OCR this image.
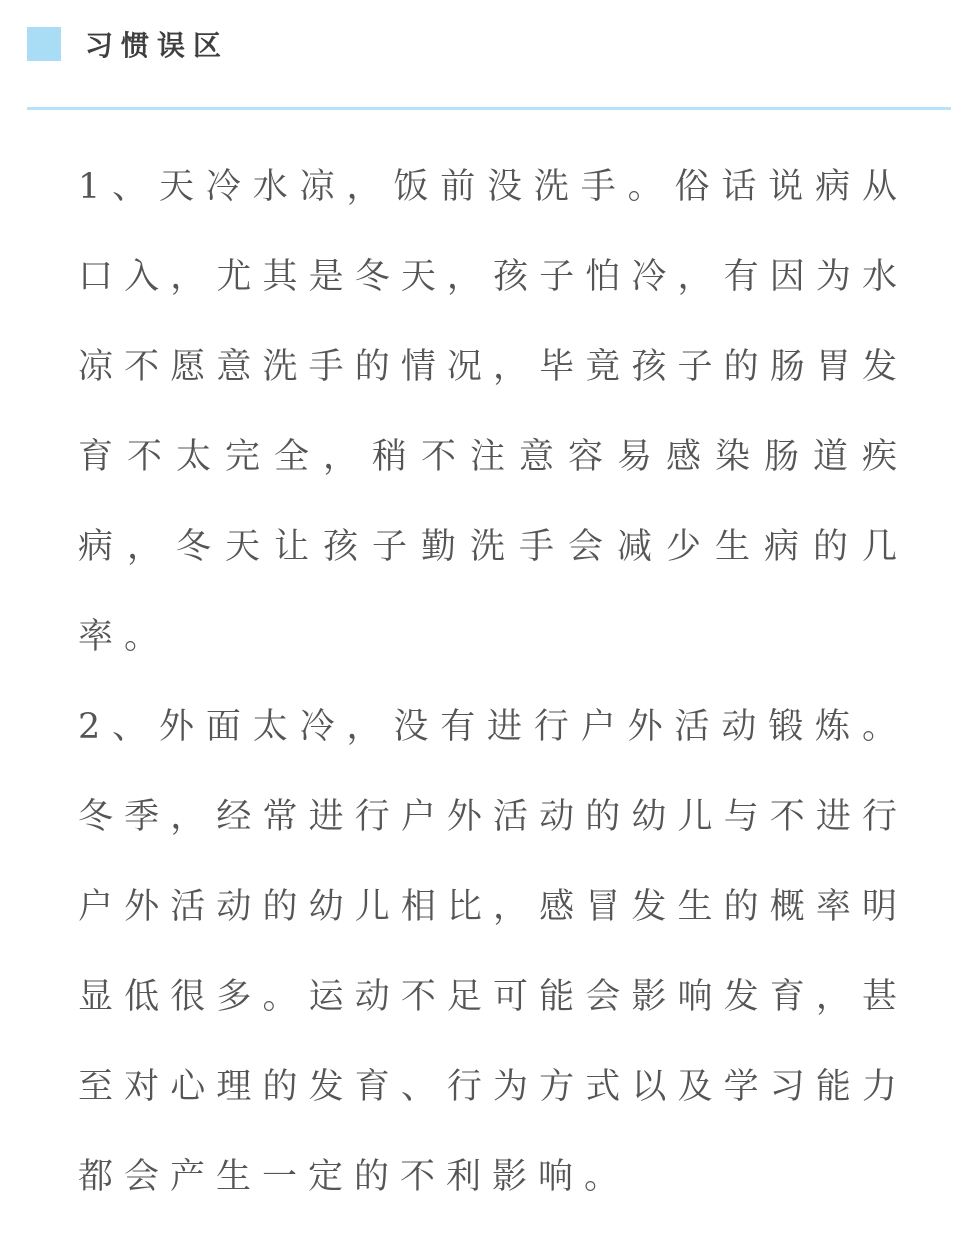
习惯误区

1、天冷水凉，饭前没洗手。俗话说病从口入，尤其是冬天，孩子怕冷，有因为水凉不愿意洗手的情况，毕竟孩子的肠胃发育不太完全，稍不注意容易感染肠道疾病，冬天让孩子勤洗手会减少生病的几率。

2、外面太冷，没有进行户外活动锻炼。冬季，经常进行户外活动的幼儿与不进行户外活动的幼儿相比，感冒发生的概率明显低很多。运动不足可能会影响发育，甚至对心理的发育、行为方式以及学习能力都会产生一定的不利影响。
